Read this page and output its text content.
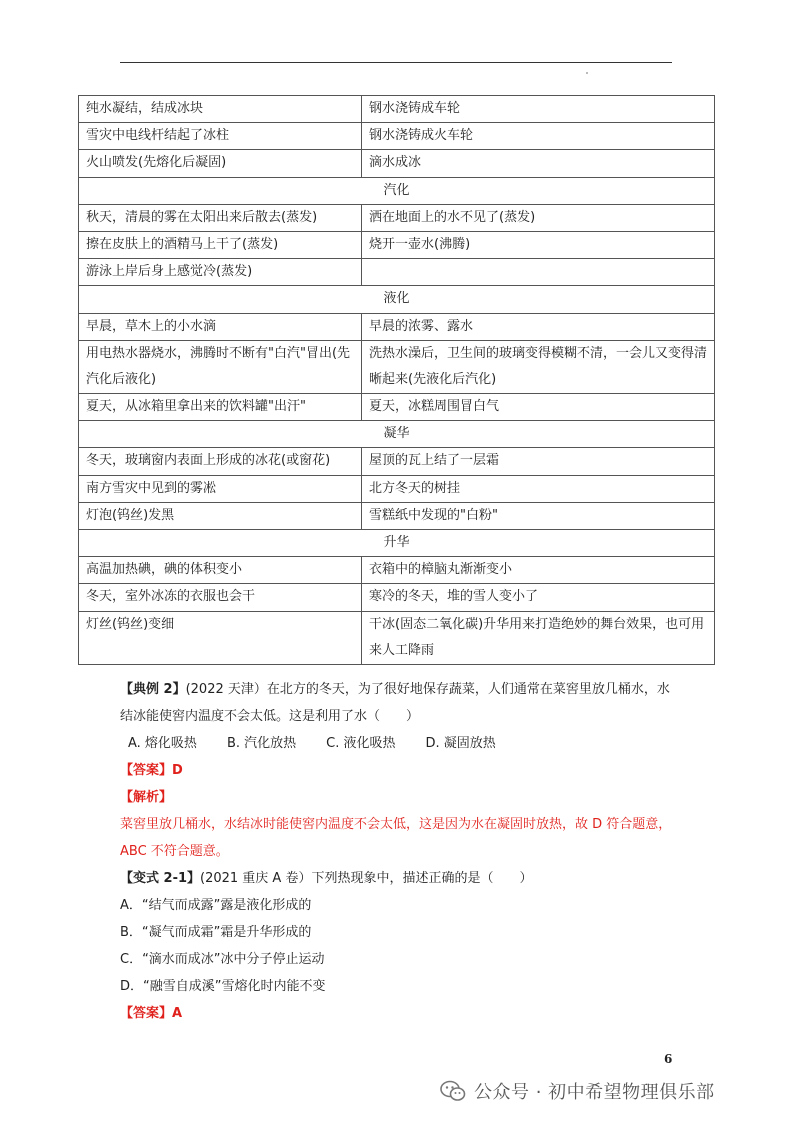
纯水凝结，结成冰块	钢水浇铸成车轮
雪灾中电线杆结起了冰柱	钢水浇铸成火车轮
火山喷发(先熔化后凝固)	滴水成冰
汽化	
秋天，清晨的雾在太阳出来后散去(蒸发)	洒在地面上的水不见了(蒸发)
擦在皮肤上的酒精马上干了(蒸发)	烧开一壶水(沸腾)
游泳上岸后身上感觉冷(蒸发)	
液化	
早晨，草木上的小水滴	早晨的浓雾、露水
用电热水器烧水，沸腾时不断有"白汽"冒出(先汽化后液化)	洗热水澡后，卫生间的玻璃变得模糊不清，一会儿又变得清晰起来(先液化后汽化)
夏天，从冰箱里拿出来的饮料罐"出汗"	夏天，冰糕周围冒白气
凝华	
冬天，玻璃窗内表面上形成的冰花(或窗花)	屋顶的瓦上结了一层霜
南方雪灾中见到的雾凇	北方冬天的树挂
灯泡(钨丝)发黑	雪糕纸中发现的"白粉"
升华	
高温加热碘，碘的体积变小	衣箱中的樟脑丸渐渐变小
冬天，室外冰冻的衣服也会干	寒冷的冬天，堆的雪人变小了
灯丝(钨丝)变细	干冰(固态二氧化碳)升华用来打造绝妙的舞台效果，也可用来人工降雨

【典例 2】(2022 天津）在北方的冬天，为了很好地保存蔬菜，人们通常在菜窖里放几桶水，水结冰能使窖内温度不会太低。这是利用了水（　　）

A. 熔化吸热 B. 汽化放热 C. 液化吸热 D. 凝固放热

【答案】D

【解析】

菜窖里放几桶水，水结冰时能使窖内温度不会太低，这是因为水在凝固时放热，故 D 符合题意，ABC 不符合题意。

【变式 2-1】(2021 重庆 A 卷）下列热现象中，描述正确的是（　　）

A．“结气而成露”露是液化形成的

B．“凝气而成霜”霜是升华形成的

C．“滴水而成冰”冰中分子停止运动

D．“融雪自成溪”雪熔化时内能不变

【答案】A

6
公众号 · 初中希望物理俱乐部
